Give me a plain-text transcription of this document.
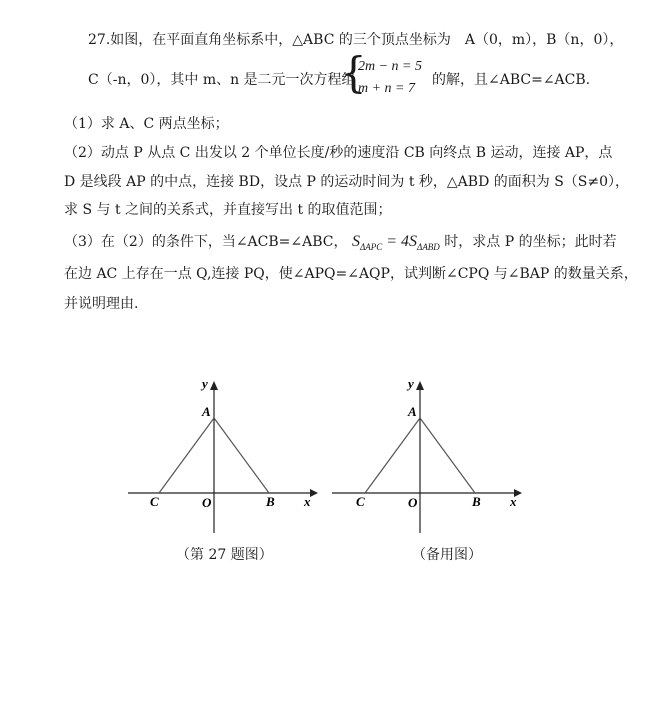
27.如图，在平面直角坐标系中，△ABC 的三个顶点坐标为　A（0，m），B（n，0），
C（-n，0），其中 m、n 是二元一次方程组
{
2m − n = 5
m + n = 7
的解，且∠ABC=∠ACB.
（1）求 A、C 两点坐标；
（2）动点 P 从点 C 出发以 2 个单位长度/秒的速度沿 CB 向终点 B 运动，连接 AP，点
D 是线段 AP 的中点，连接 BD，设点 P 的运动时间为 t 秒，△ABD 的面积为 S（S≠0），
求 S 与 t 之间的关系式，并直接写出 t 的取值范围；
（3）在（2）的条件下，当∠ACB=∠ABC， $S_{\Delta APC} = 4S_{\Delta ABD}$ 时，求点 P 的坐标；此时若
在边 AC 上存在一点 Q,连接 PQ，使∠APQ=∠AQP，试判断∠CPQ 与∠BAP 的数量关系，
并说明理由.
y
A
C	O	B x
（第 27 题图）
y
A
C	O	B x
（备用图）
